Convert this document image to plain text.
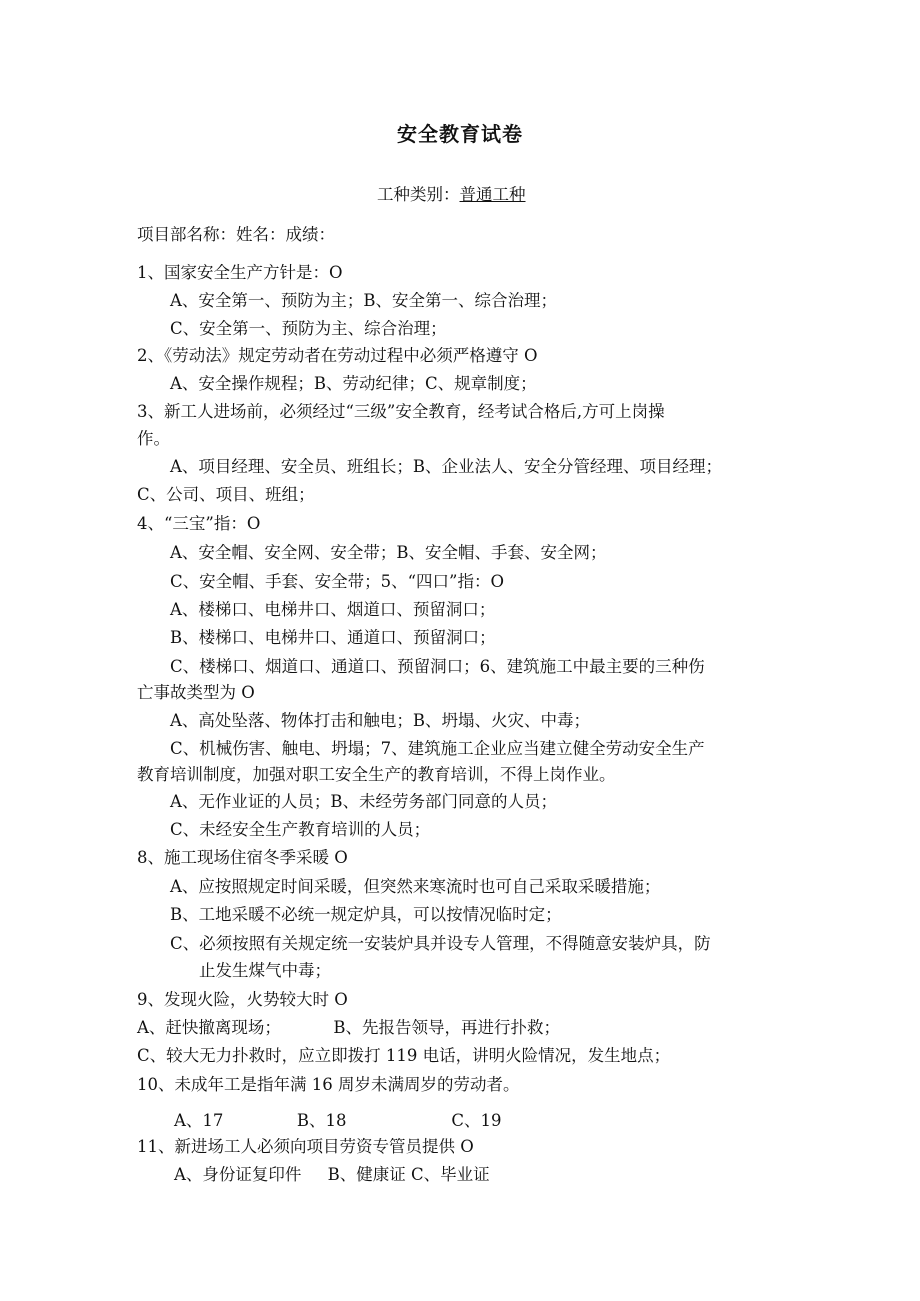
安全教育试卷
工种类别：普通工种
项目部名称：姓名：成绩：
1、国家安全生产方针是：O
A、安全第一、预防为主；B、安全第一、综合治理；
C、安全第一、预防为主、综合治理；
2、《劳动法》规定劳动者在劳动过程中必须严格遵守 O
A、安全操作规程；B、劳动纪律；C、规章制度；
3、新工人进场前，必须经过“三级”安全教育，经考试合格后,方可上岗操
作。
A、项目经理、安全员、班组长；B、企业法人、安全分管经理、项目经理；
C、公司、项目、班组；
4、“三宝”指：O
A、安全帽、安全网、安全带；B、安全帽、手套、安全网；
C、安全帽、手套、安全带；5、“四口”指：O
A、楼梯口、电梯井口、烟道口、预留洞口；
B、楼梯口、电梯井口、通道口、预留洞口；
C、楼梯口、烟道口、通道口、预留洞口；6、建筑施工中最主要的三种伤
亡事故类型为 O
A、高处坠落、物体打击和触电；B、坍塌、火灾、中毒；
C、机械伤害、触电、坍塌；7、建筑施工企业应当建立健全劳动安全生产
教育培训制度，加强对职工安全生产的教育培训，不得上岗作业。
A、无作业证的人员；B、未经劳务部门同意的人员；
C、未经安全生产教育培训的人员；
8、施工现场住宿冬季采暖 O
A、应按照规定时间采暖，但突然来寒流时也可自己采取采暖措施；
B、工地采暖不必统一规定炉具，可以按情况临时定；
C、必须按照有关规定统一安装炉具并设专人管理，不得随意安装炉具，防
止发生煤气中毒；
9、发现火险，火势较大时 O
A、赶快撤离现场；          B、先报告领导，再进行扑救；
C、较大无力扑救时，应立即拨打 119 电话，讲明火险情况，发生地点；
10、未成年工是指年满 16 周岁未满周岁的劳动者。
A、17              B、18                    C、19
11、新进场工人必须向项目劳资专管员提供 O
A、身份证复印件     B、健康证 C、毕业证
